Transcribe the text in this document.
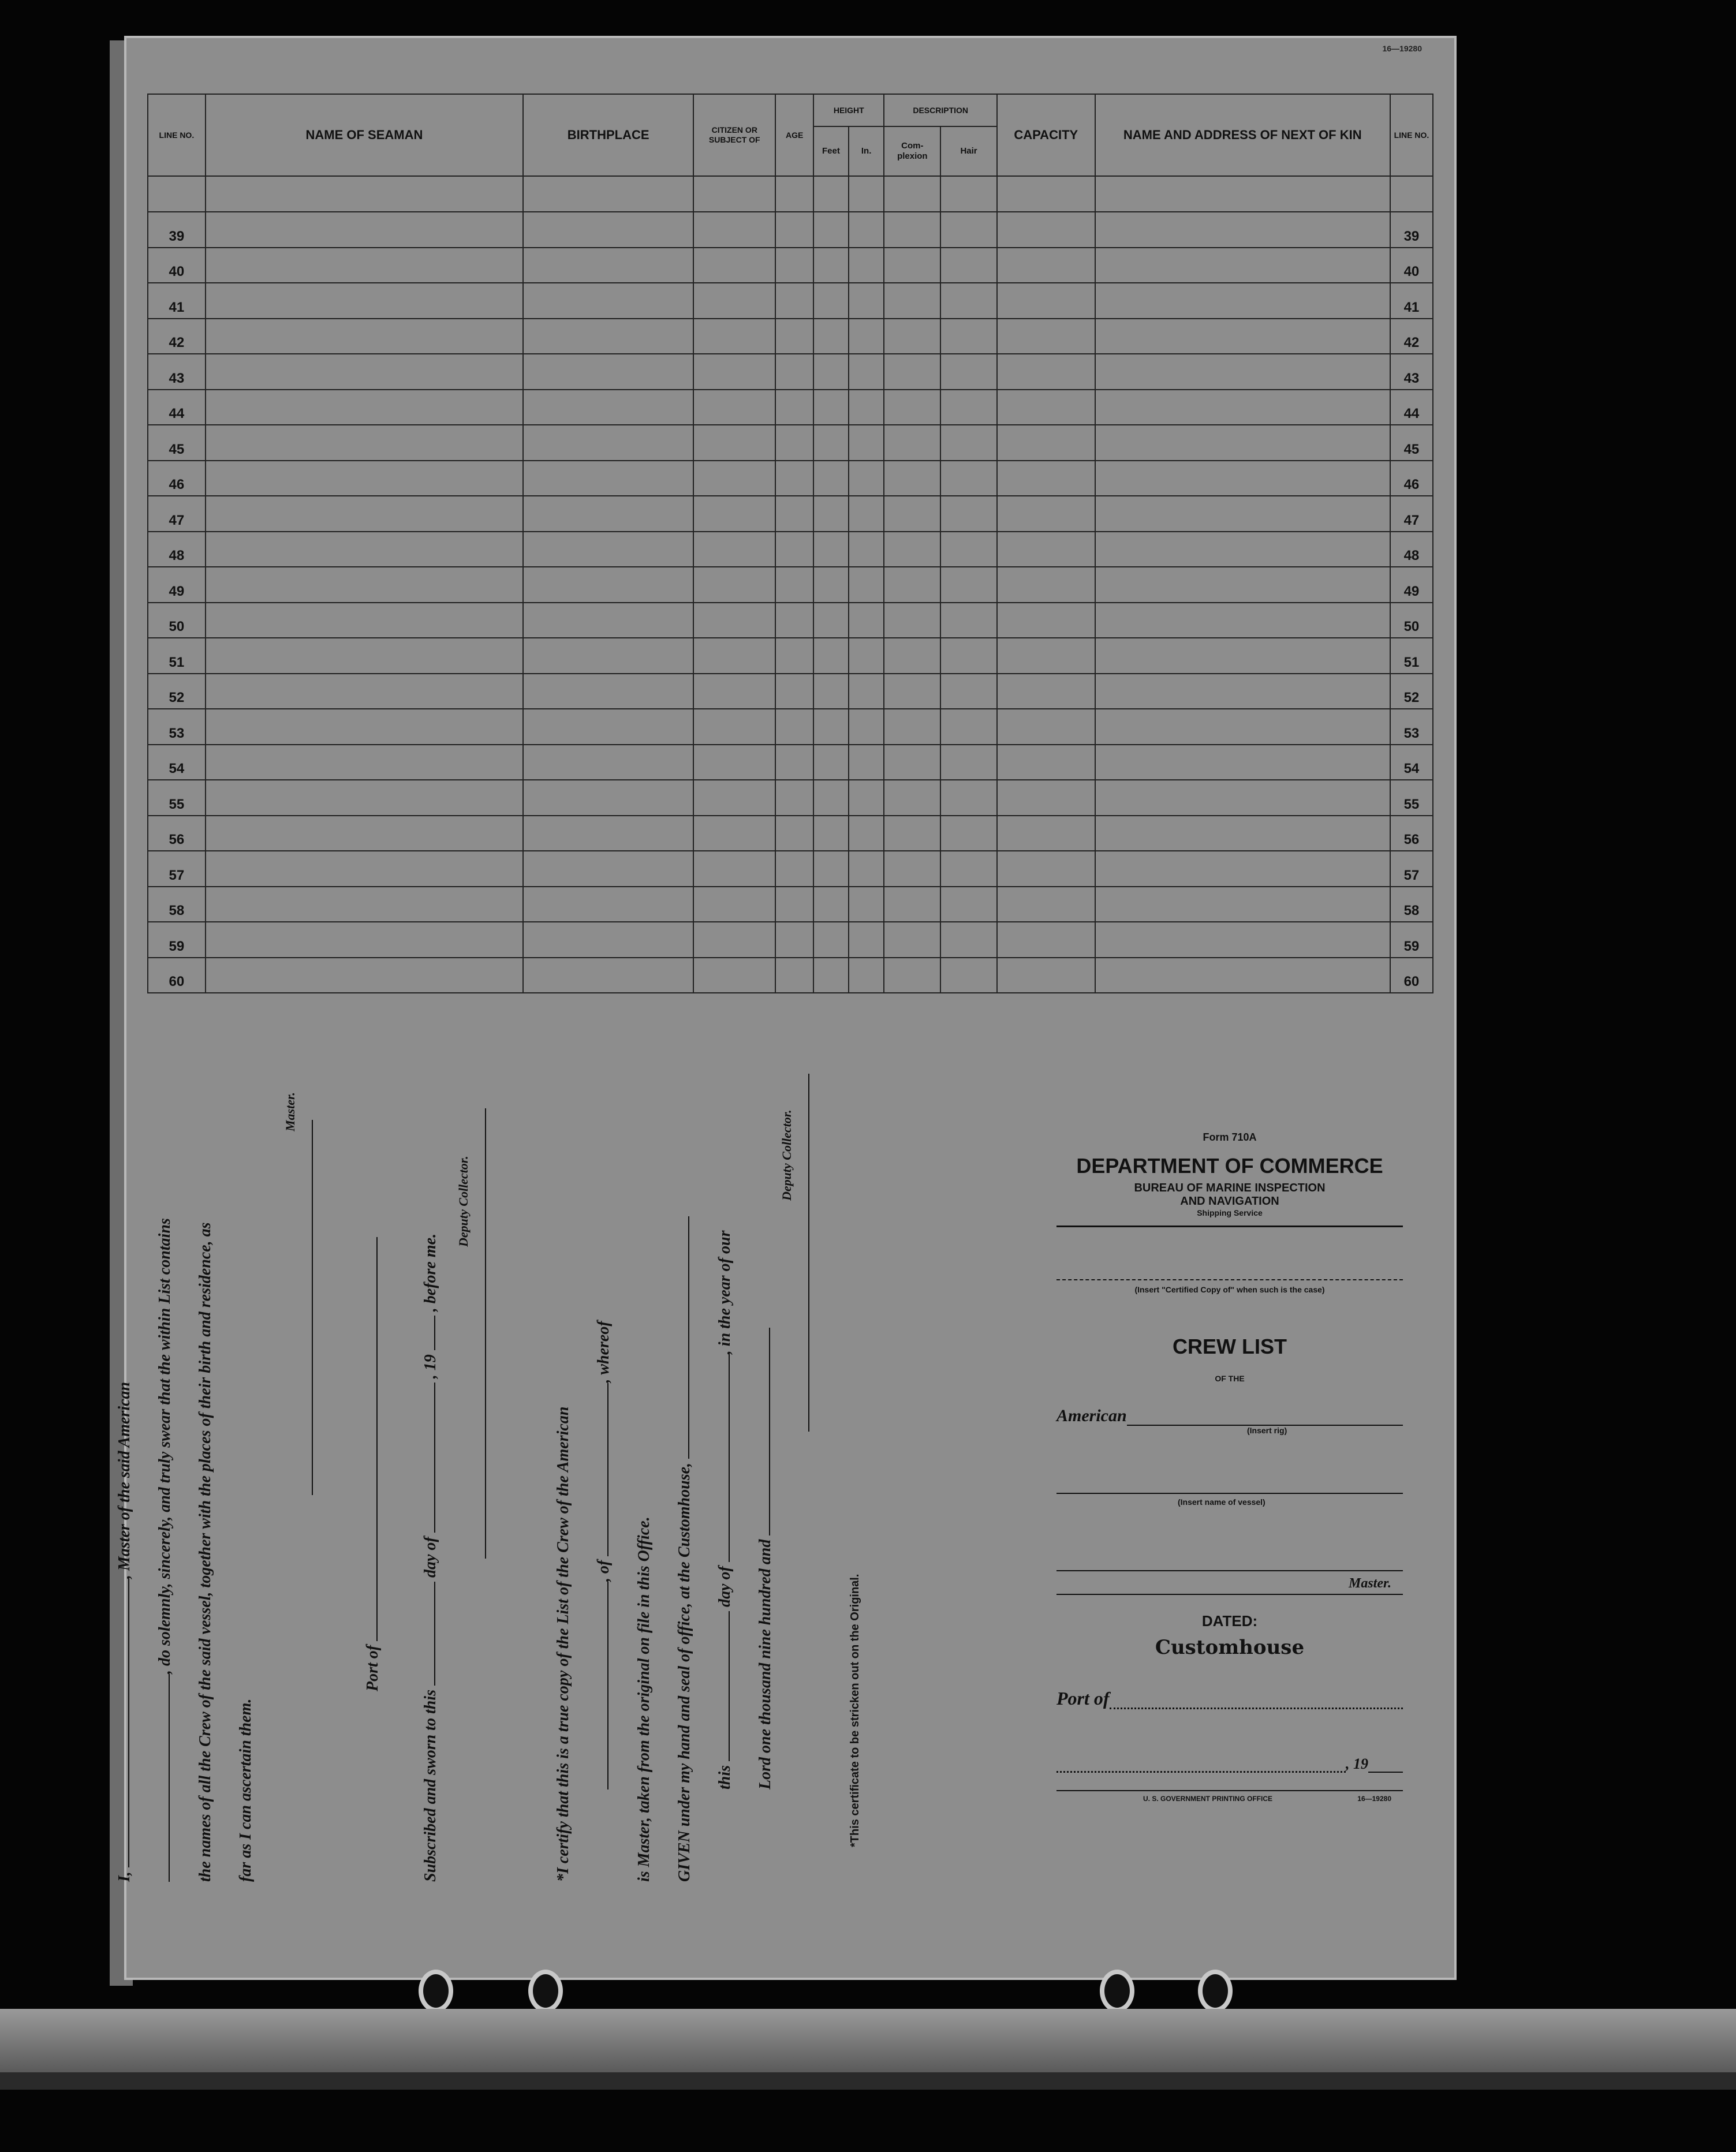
16—19280
LINE NO.	NAME OF SEAMAN	BIRTHPLACE	CITIZEN OR SUBJECT OF	AGE	HEIGHT		DESCRIPTION		CAPACITY	NAME AND ADDRESS OF NEXT OF KIN	LINE NO.
					Feet	In.	Com- plexion	Hair			

39											39
40											40
41											41
42											42
43											43
44											44
45											45
46											46
47											47
48											48
49											49
50											50
51											51
52											52
53											53
54											54
55											55
56											56
57											57
58											58
59											59
60											60
I, , Master of the said American , do solemnly, sincerely, and truly swear that the within List contains the names of all the Crew of the said vessel, together with the places of their birth and residence, as far as I can ascertain them.
Master.
Port of
Subscribed and sworn to this  day of  , 19  , before me.
Deputy Collector.
*I certify that this is a true copy of the List of the Crew of the American , of , whereof
is Master, taken from the original on file in this Office. GIVEN under my hand and seal of office, at the Customhouse, this  day of , in the year of our
Lord one thousand nine hundred and
Deputy Collector.
*This certificate to be stricken out on the Original.
Form 710A
DEPARTMENT OF COMMERCE
BUREAU OF MARINE INSPECTION
AND NAVIGATION
Shipping Service
(Insert "Certified Copy of" when such is the case)
CREW LIST
OF THE
American
(Insert rig)
(Insert name of vessel)
Master.
DATED:
Customhouse
Port of
, 19
U. S. GOVERNMENT PRINTING OFFICE	16—19280
